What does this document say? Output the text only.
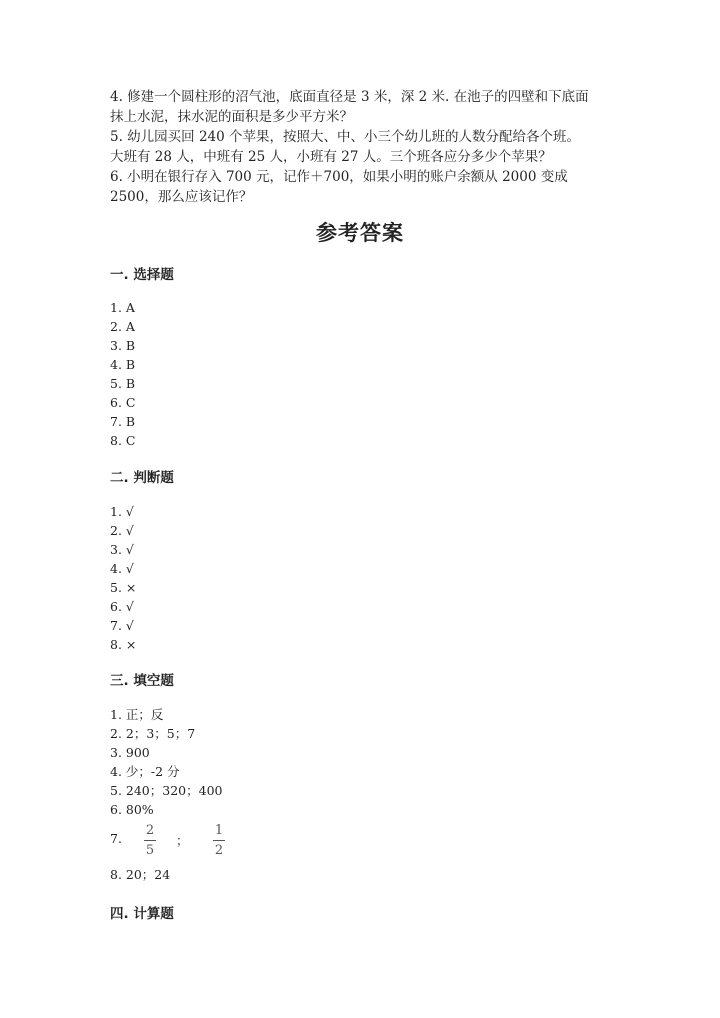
4. 修建一个圆柱形的沼气池，底面直径是 3 米，深 2 米. 在池子的四壁和下底面
抹上水泥，抹水泥的面积是多少平方米？
5. 幼儿园买回 240 个苹果，按照大、中、小三个幼儿班的人数分配给各个班。
大班有 28 人，中班有 25 人，小班有 27 人。三个班各应分多少个苹果？
6. 小明在银行存入 700 元，记作＋700，如果小明的账户余额从 2000 变成
2500，那么应该记作？
参考答案
一. 选择题
1. A
2. A
3. B
4. B
5. B
6. C
7. B
8. C
二. 判断题
1. √
2. √
3. √
4. √
5. ×
6. √
7. √
8. ×
三. 填空题
1. 正；反
2. 2；3；5；7
3. 900
4. 少；-2 分
5. 240；320；400
6. 80%
7.
2
5
；
1
2
8. 20；24
四. 计算题
